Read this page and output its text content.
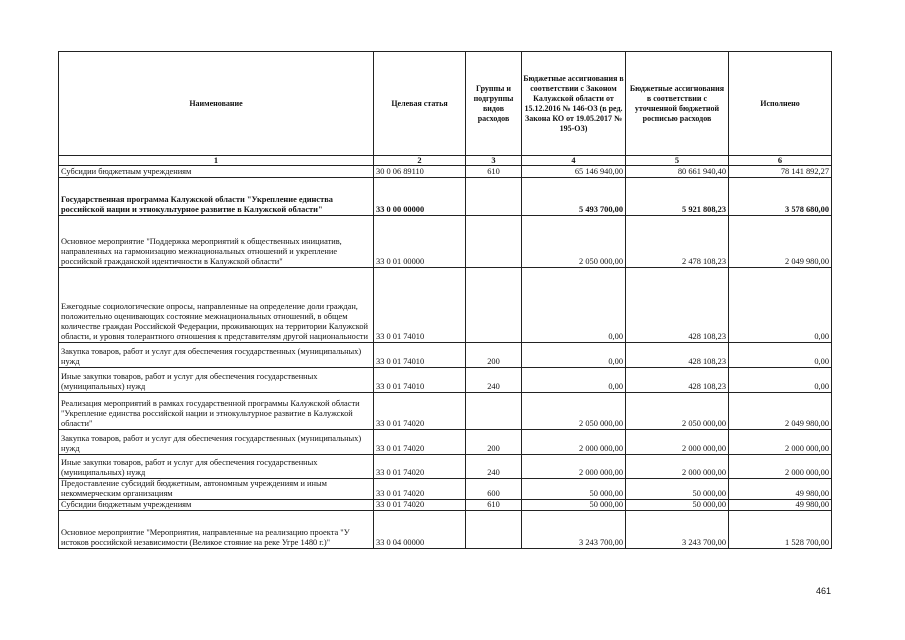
Наименование	Целевая статья	Группы и подгруппы видов расходов	Бюджетные ассигнования в соответствии с Законом Калужской области от 15.12.2016 № 146-ОЗ (в ред. Закона КО от 19.05.2017 № 195-ОЗ)	Бюджетные ассигнования в соответствии с уточненной бюджетной росписью расходов	Исполнено
1	2	3	4	5	6
Субсидии бюджетным учреждениям	30 0 06 89110	610	65 146 940,00	80 661 940,40	78 141 892,27
Государственная программа Калужской области "Укрепление единства российской нации и этнокультурное развитие в Калужской области"	33 0 00 00000		5 493 700,00	5 921 808,23	3 578 680,00
Основное мероприятие "Поддержка мероприятий к общественных инициатив, направленных на гармонизацию межнациональных отношений и укрепление российской гражданской идентичности в Калужской области"	33 0 01 00000		2 050 000,00	2 478 108,23	2 049 980,00
Ежегодные социологические опросы, направленные на определение доли граждан, положительно оценивающих состояние межнациональных отношений, в общем количестве граждан Российской Федерации, проживающих на территории Калужской области, и уровня толерантного отношения к представителям другой национальности	33 0 01 74010		0,00	428 108,23	0,00
Закупка товаров, работ и услуг для обеспечения государственных (муниципальных) нужд	33 0 01 74010	200	0,00	428 108,23	0,00
Иные закупки товаров, работ и услуг для обеспечения государственных (муниципальных) нужд	33 0 01 74010	240	0,00	428 108,23	0,00
Реализация мероприятий в рамках государственной программы Калужской области "Укрепление единства российской нации и этнокультурное развитие в Калужской области"	33 0 01 74020		2 050 000,00	2 050 000,00	2 049 980,00
Закупка товаров, работ и услуг для обеспечения государственных (муниципальных) нужд	33 0 01 74020	200	2 000 000,00	2 000 000,00	2 000 000,00
Иные закупки товаров, работ и услуг для обеспечения государственных (муниципальных) нужд	33 0 01 74020	240	2 000 000,00	2 000 000,00	2 000 000,00
Предоставление субсидий бюджетным, автономным учреждениям и иным некоммерческим организациям	33 0 01 74020	600	50 000,00	50 000,00	49 980,00
Субсидии бюджетным учреждениям	33 0 01 74020	610	50 000,00	50 000,00	49 980,00
Основное мероприятие "Мероприятия, направленные на реализацию проекта "У истоков российской независимости (Великое стояние на реке Угре 1480 г.)"	33 0 04 00000		3 243 700,00	3 243 700,00	1 528 700,00
461
